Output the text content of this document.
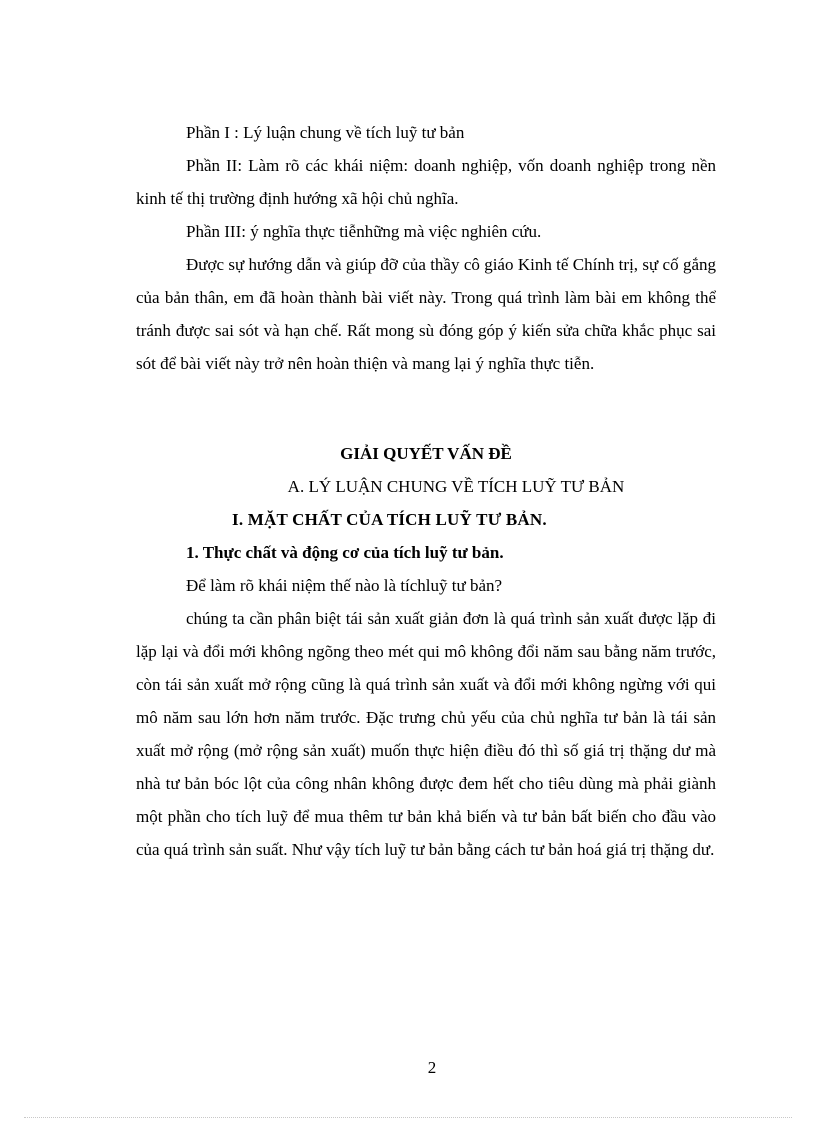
Phần I : Lý luận chung về tích luỹ tư bản

Phần II: Làm rõ các khái niệm: doanh nghiệp, vốn doanh nghiệp trong nền kinh tế thị trường định hướng xã hội chủ nghĩa.

Phần III: ý nghĩa thực tiễnhững mà việc nghiên cứu.

Được sự hướng dẫn và giúp đỡ của thầy cô giáo Kinh tế Chính trị, sự cố gắng của bản thân, em đã hoàn thành bài viết này. Trong quá trình làm bài em không thể tránh được sai sót và hạn chế. Rất mong sù đóng góp ý kiến sửa chữa khắc phục sai sót để bài viết này trở nên hoàn thiện và mang lại ý nghĩa thực tiễn.

GIẢI QUYẾT VẤN ĐỀ

A. LÝ LUẬN CHUNG VỀ TÍCH LUỸ TƯ BẢN

I. MẶT CHẤT CỦA TÍCH LUỸ TƯ BẢN.

1. Thực chất và động cơ của tích luỹ tư bản.

Để làm rõ khái niệm thế nào là tíchluỹ tư bản?

chúng ta cần phân biệt tái sản xuất giản đơn là quá trình sản xuất được lặp đi lặp lại và đổi mới không ngõng theo mét qui mô không đổi năm sau bằng năm trước, còn tái sản xuất mở rộng cũng là quá trình sản xuất và đổi mới không ngừng với qui mô năm sau lớn hơn năm trước. Đặc trưng chủ yếu của chủ nghĩa tư bản là tái sản xuất mở rộng (mở rộng sản xuất) muốn thực hiện điều đó thì số giá trị thặng dư mà nhà tư bản bóc lột của công nhân không được đem hết cho tiêu dùng mà phải giành một phần cho tích luỹ để mua thêm tư bản khả biến và tư bản bất biến cho đầu vào của quá trình sản suất. Như vậy tích luỹ tư bản bằng cách tư bản hoá giá trị thặng dư.

2
